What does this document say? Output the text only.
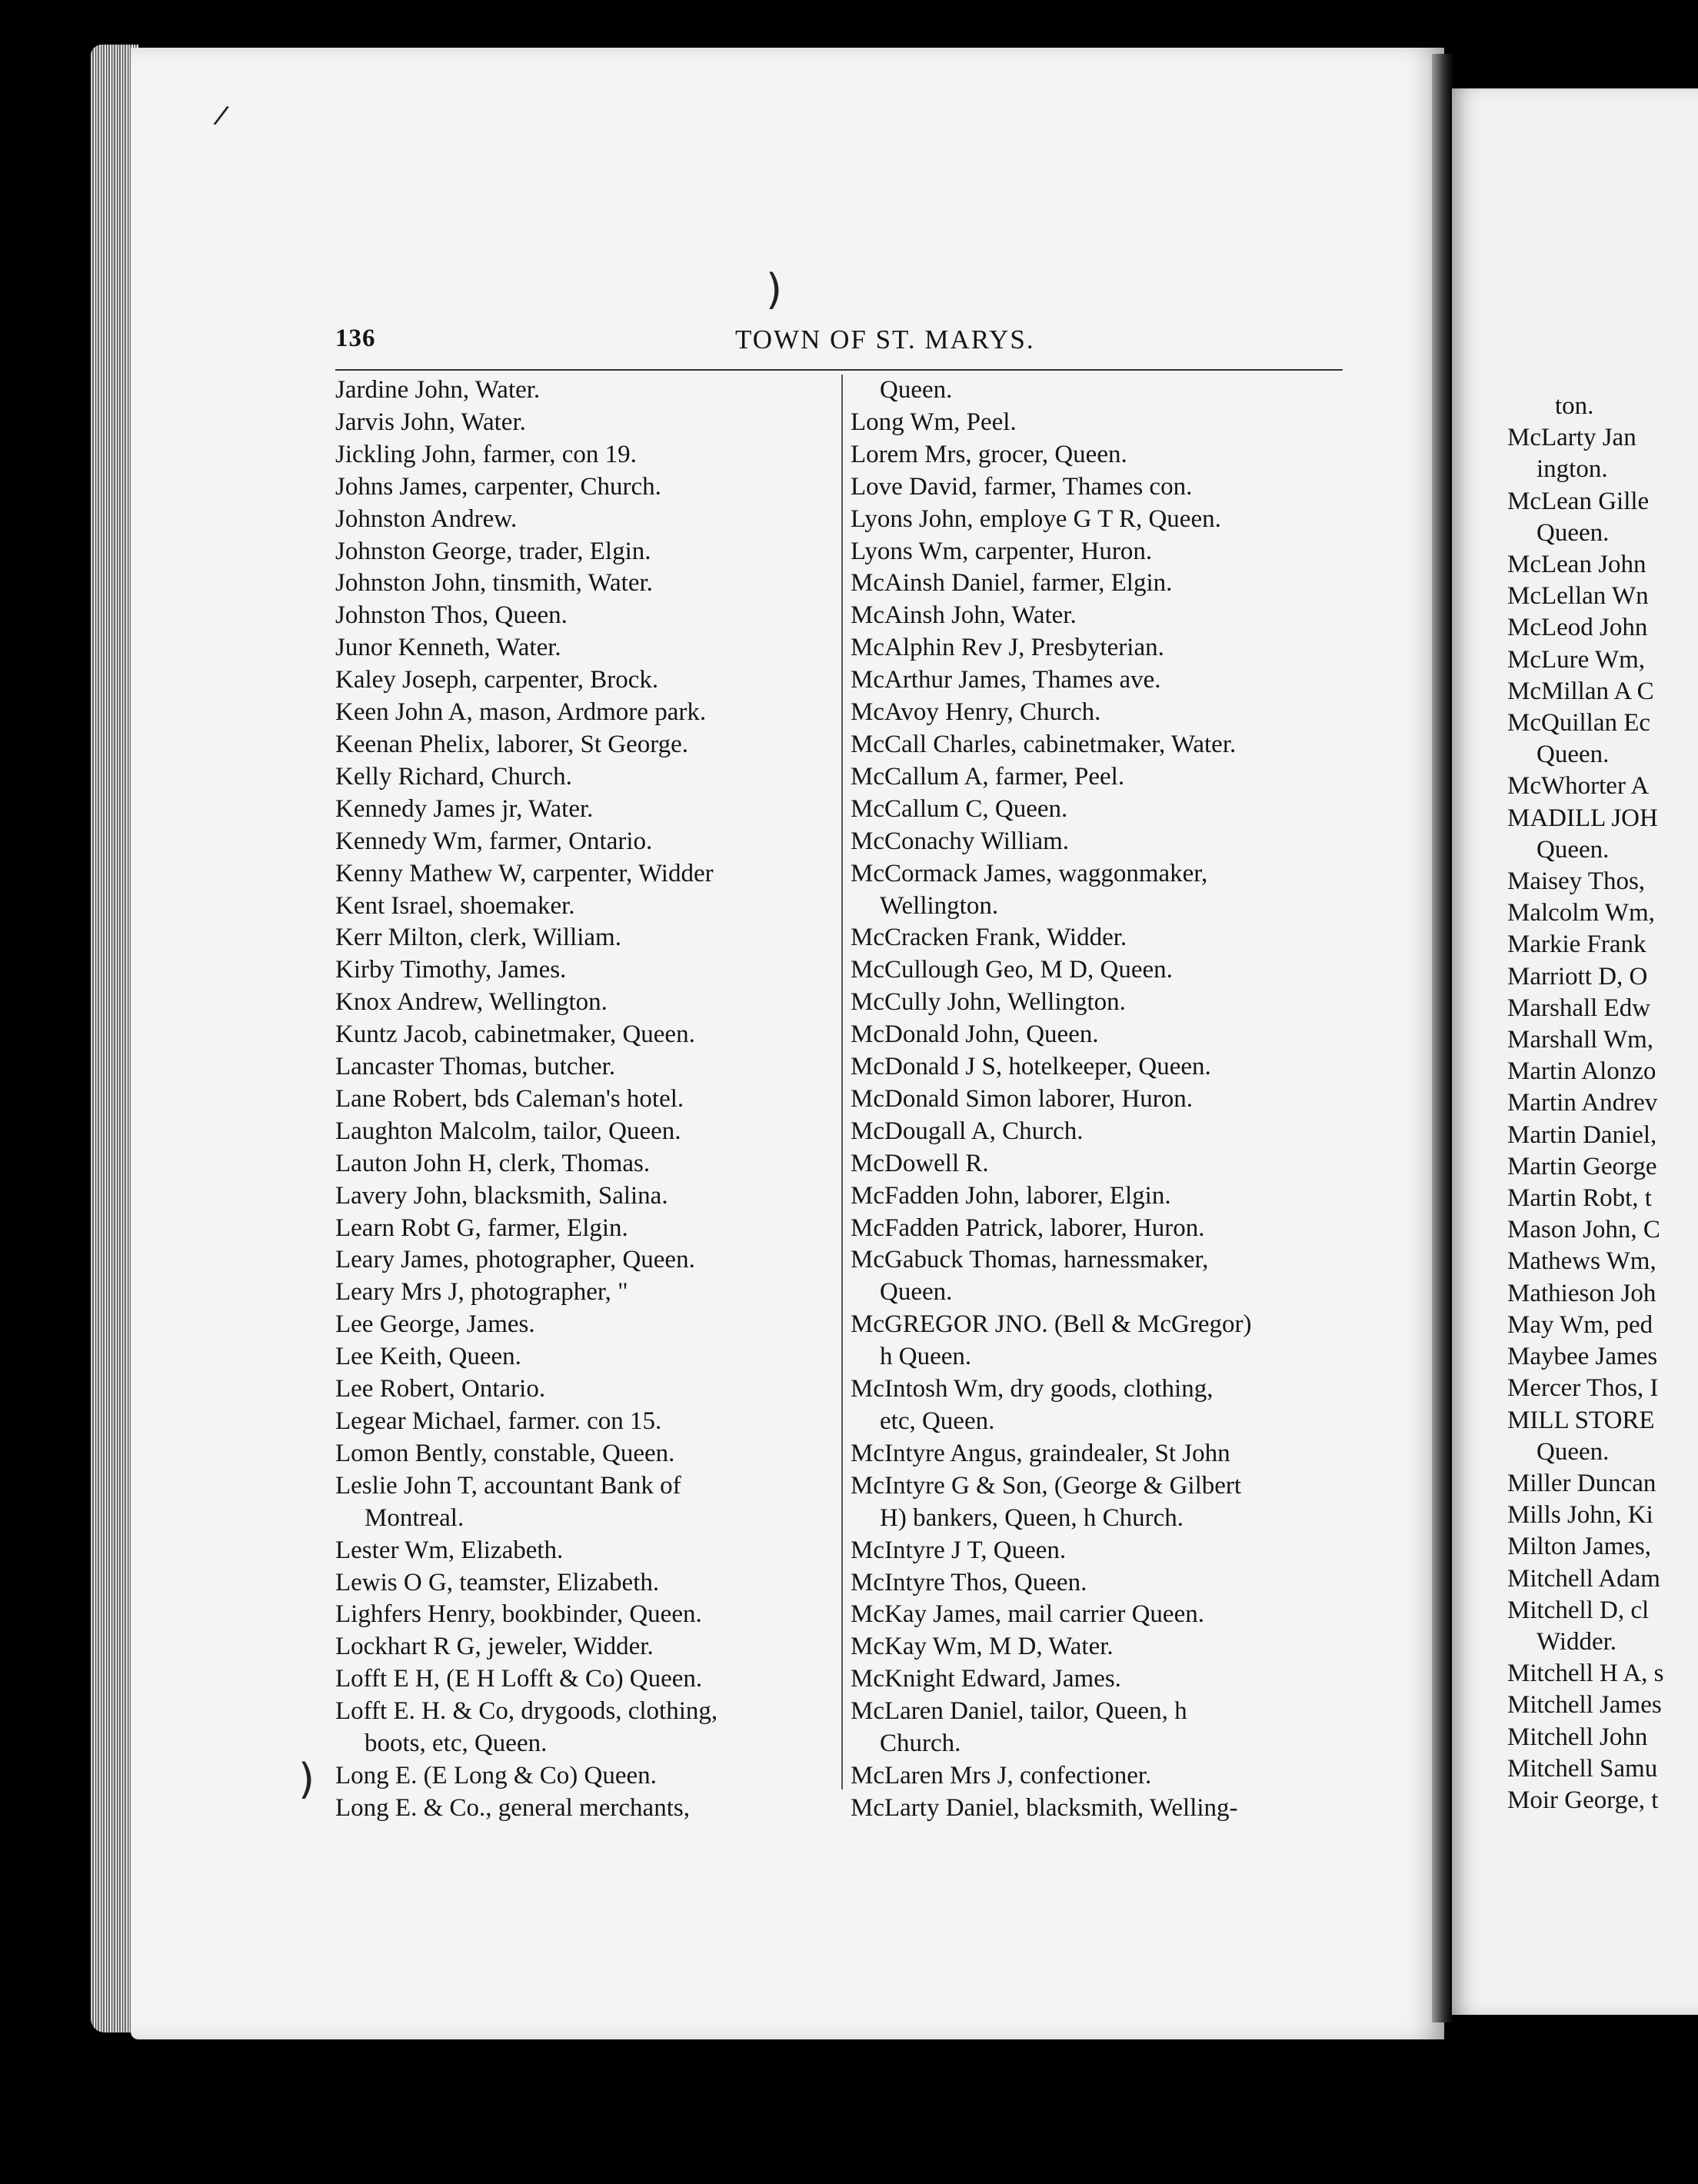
/
)
)
136	TOWN OF ST. MARYS.
Jardine John, Water.
Jarvis John, Water.
Jickling John, farmer, con 19.
Johns James, carpenter, Church.
Johnston Andrew.
Johnston George, trader, Elgin.
Johnston John, tinsmith, Water.
Johnston Thos, Queen.
Junor Kenneth, Water.
Kaley Joseph, carpenter, Brock.
Keen John A, mason, Ardmore park.
Keenan Phelix, laborer, St George.
Kelly Richard, Church.
Kennedy James jr, Water.
Kennedy Wm, farmer, Ontario.
Kenny Mathew W, carpenter, Widder
Kent Israel, shoemaker.
Kerr Milton, clerk, William.
Kirby Timothy, James.
Knox Andrew, Wellington.
Kuntz Jacob, cabinetmaker, Queen.
Lancaster Thomas, butcher.
Lane Robert, bds Caleman's hotel.
Laughton Malcolm, tailor, Queen.
Lauton John H, clerk, Thomas.
Lavery John, blacksmith, Salina.
Learn Robt G, farmer, Elgin.
Leary James, photographer, Queen.
Leary Mrs J, photographer, "
Lee George, James.
Lee Keith, Queen.
Lee Robert, Ontario.
Legear Michael, farmer. con 15.
Lomon Bently, constable, Queen.
Leslie John T, accountant Bank of
Montreal.
Lester Wm, Elizabeth.
Lewis O G, teamster, Elizabeth.
Lighfers Henry, bookbinder, Queen.
Lockhart R G, jeweler, Widder.
Lofft E H, (E H Lofft & Co) Queen.
Lofft E. H. & Co, drygoods, clothing,
boots, etc, Queen.
Long E. (E Long & Co) Queen.
Long E. & Co., general merchants,
Queen.
Long Wm, Peel.
Lorem Mrs, grocer, Queen.
Love David, farmer, Thames con.
Lyons John, employe G T R, Queen.
Lyons Wm, carpenter, Huron.
McAinsh Daniel, farmer, Elgin.
McAinsh John, Water.
McAlphin Rev J, Presbyterian.
McArthur James, Thames ave.
McAvoy Henry, Church.
McCall Charles, cabinetmaker, Water.
McCallum A, farmer, Peel.
McCallum C, Queen.
McConachy William.
McCormack James, waggonmaker,
Wellington.
McCracken Frank, Widder.
McCullough Geo, M D, Queen.
McCully John, Wellington.
McDonald John, Queen.
McDonald J S, hotelkeeper, Queen.
McDonald Simon laborer, Huron.
McDougall A, Church.
McDowell R.
McFadden John, laborer, Elgin.
McFadden Patrick, laborer, Huron.
McGabuck Thomas, harnessmaker,
Queen.
McGREGOR JNO. (Bell & McGregor)
h Queen.
McIntosh Wm, dry goods, clothing,
etc, Queen.
McIntyre Angus, graindealer, St John
McIntyre G & Son, (George & Gilbert
H) bankers, Queen, h Church.
McIntyre J T, Queen.
McIntyre Thos, Queen.
McKay James, mail carrier Queen.
McKay Wm, M D, Water.
McKnight Edward, James.
McLaren Daniel, tailor, Queen, h
Church.
McLaren Mrs J, confectioner.
McLarty Daniel, blacksmith, Welling-
ton.
McLarty Jan
ington.
McLean Gille
Queen.
McLean John
McLellan Wn
McLeod John
McLure Wm,
McMillan A C
McQuillan Ec
Queen.
McWhorter A
MADILL JOH
Queen.
Maisey Thos,
Malcolm Wm,
Markie Frank
Marriott D, O
Marshall Edw
Marshall Wm,
Martin Alonzo
Martin Andrev
Martin Daniel,
Martin George
Martin Robt, t
Mason John, C
Mathews Wm,
Mathieson Joh
May Wm, ped
Maybee James
Mercer Thos, I
MILL STORE
Queen.
Miller Duncan
Mills John, Ki
Milton James,
Mitchell Adam
Mitchell D, cl
Widder.
Mitchell H A, s
Mitchell James
Mitchell John
Mitchell Samu
Moir George, t
